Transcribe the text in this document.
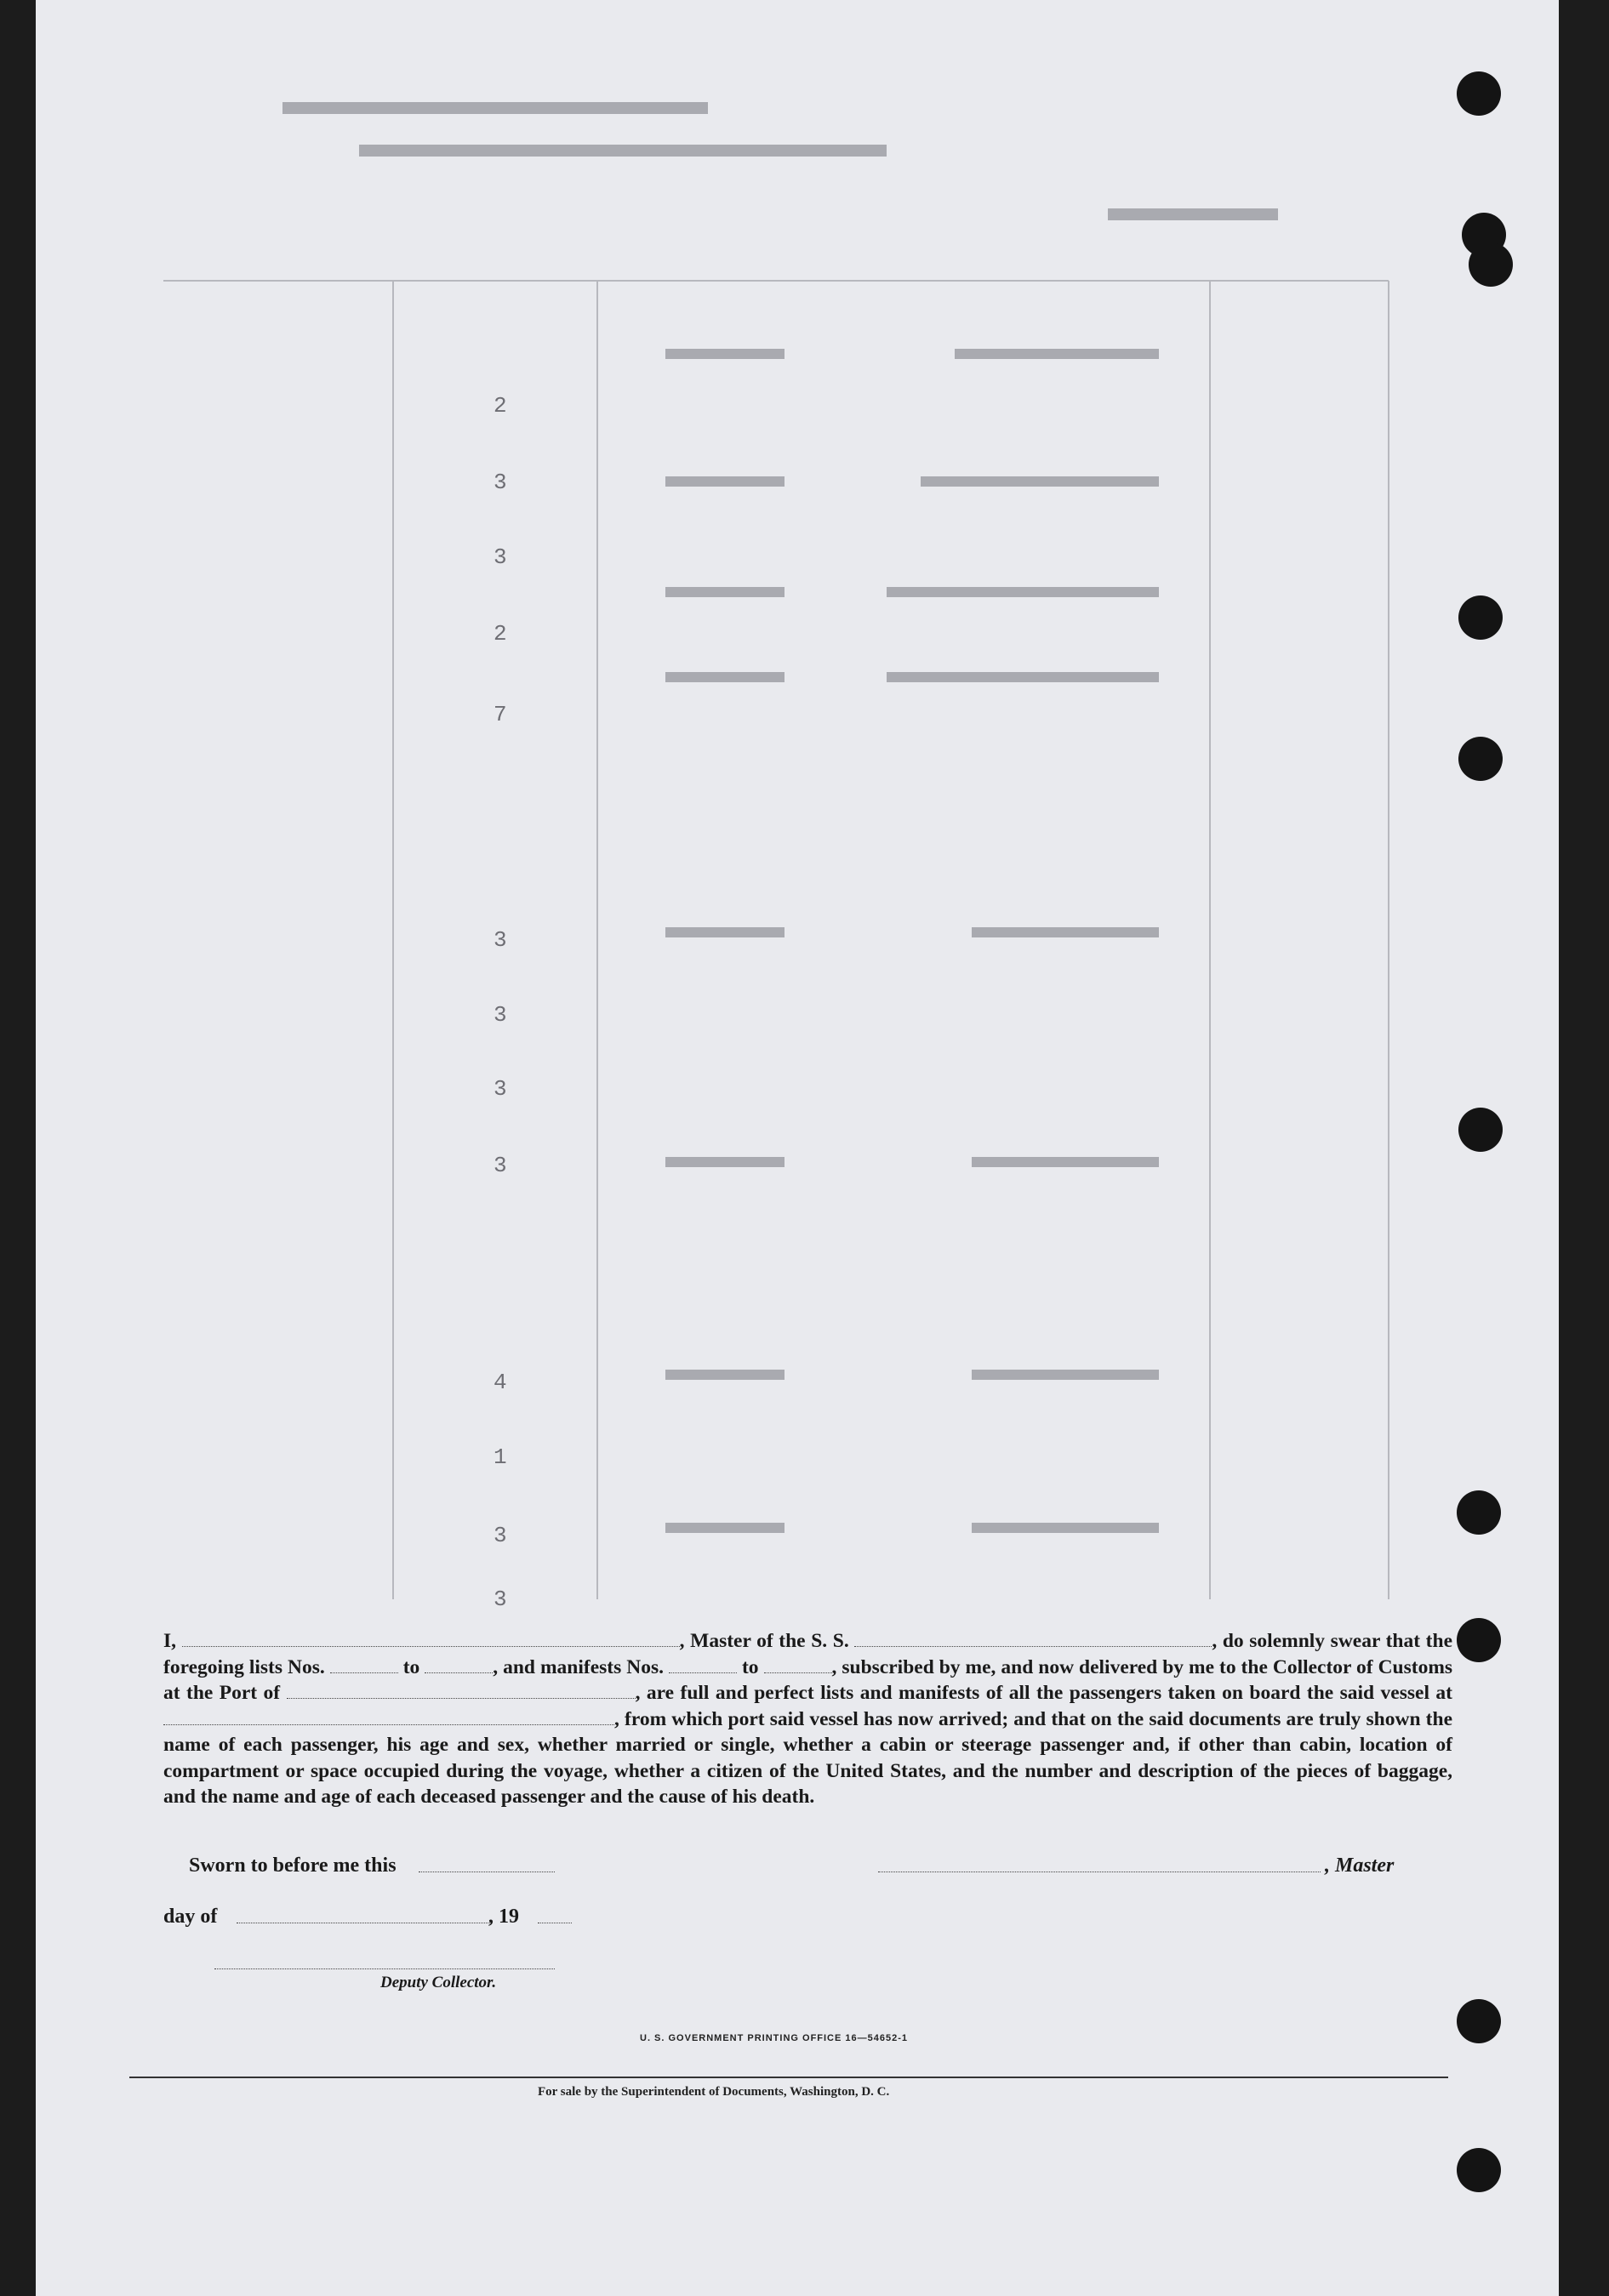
2
3
3
2
7
3
3
3
3
4
1
3
3
I,	, Master of the S. S.	, do solemnly swear that the foregoing lists Nos.	to	, and manifests Nos.	to	, subscribed by me, and now delivered by me to the Collector of Customs at the Port of	, are full and perfect lists and manifests of all the passengers taken on board the said vessel at , from which port said vessel has now arrived; and that on the said documents are truly shown the name of each passenger, his age and sex, whether married or single, whether a cabin or steerage passenger and, if other than cabin, location of compartment or space occupied during the voyage, whether a citizen of the United States, and the number and description of the pieces of baggage, and the name and age of each deceased passenger and the cause of his death.
Sworn to before me this	, Master
day of	, 19
Deputy Collector.
U. S. GOVERNMENT PRINTING OFFICE 16—54652-1
For sale by the Superintendent of Documents, Washington, D. C.
